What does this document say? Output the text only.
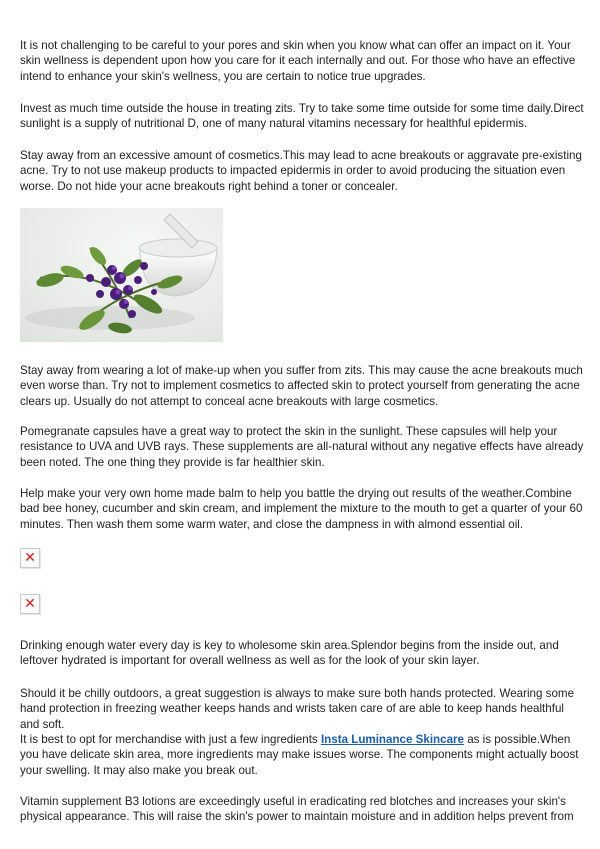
It is not challenging to be careful to your pores and skin when you know what can offer an impact on it. Your skin wellness is dependent upon how you care for it each internally and out. For those who have an effective intend to enhance your skin's wellness, you are certain to notice true upgrades.

Invest as much time outside the house in treating zits. Try to take some time outside for some time daily.Direct sunlight is a supply of nutritional D, one of many natural vitamins necessary for healthful epidermis.

Stay away from an excessive amount of cosmetics.This may lead to acne breakouts or aggravate pre-existing acne. Try to not use makeup products to impacted epidermis in order to avoid producing the situation even worse. Do not hide your acne breakouts right behind a toner or concealer.

Stay away from wearing a lot of make-up when you suffer from zits. This may cause the acne breakouts much even worse than. Try not to implement cosmetics to affected skin to protect yourself from generating the acne clears up. Usually do not attempt to conceal acne breakouts with large cosmetics.

Pomegranate capsules have a great way to protect the skin in the sunlight. These capsules will help your resistance to UVA and UVB rays. These supplements are all-natural without any negative effects have already been noted. The one thing they provide is far healthier skin.

Help make your very own home made balm to help you battle the drying out results of the weather.Combine bad bee honey, cucumber and skin cream, and implement the mixture to the mouth to get a quarter of your 60 minutes. Then wash them some warm water, and close the dampness in with almond essential oil.

✕
✕

Drinking enough water every day is key to wholesome skin area.Splendor begins from the inside out, and leftover hydrated is important for overall wellness as well as for the look of your skin layer.

Should it be chilly outdoors, a great suggestion is always to make sure both hands protected. Wearing some hand protection in freezing weather keeps hands and wrists taken care of are able to keep hands healthful and soft.

It is best to opt for merchandise with just a few ingredients Insta Luminance Skincare as is possible.When you have delicate skin area, more ingredients may make issues worse. The components might actually boost your swelling. It may also make you break out.

Vitamin supplement B3 lotions are exceedingly useful in eradicating red blotches and increases your skin's physical appearance. This will raise the skin's power to maintain moisture and in addition helps prevent from
